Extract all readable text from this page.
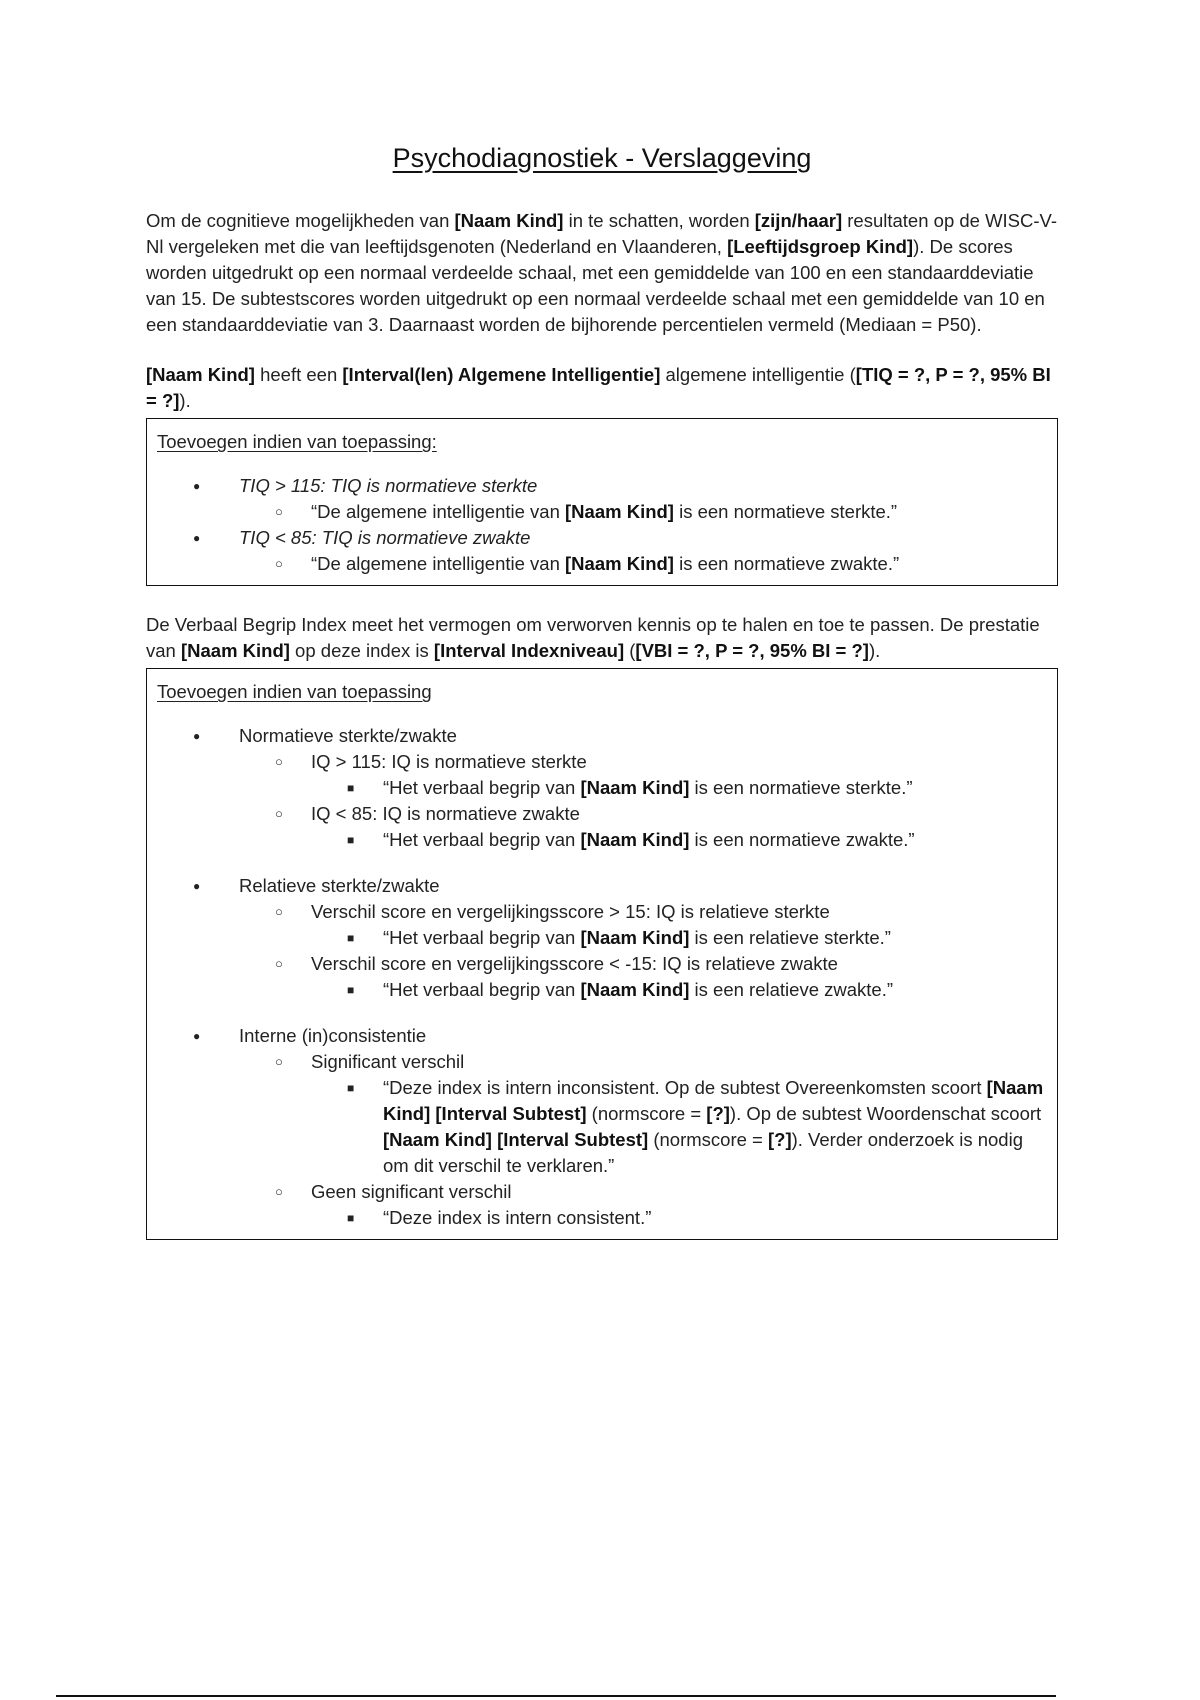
Psychodiagnostiek - Verslaggeving

Om de cognitieve mogelijkheden van [Naam Kind] in te schatten, worden [zijn/haar] resultaten op de WISC-V-Nl vergeleken met die van leeftijdsgenoten (Nederland en Vlaanderen, [Leeftijdsgroep Kind]). De scores worden uitgedrukt op een normaal verdeelde schaal, met een gemiddelde van 100 en een standaarddeviatie van 15. De subtestscores worden uitgedrukt op een normaal verdeelde schaal met een gemiddelde van 10 en een standaarddeviatie van 3. Daarnaast worden de bijhorende percentielen vermeld (Mediaan = P50).

[Naam Kind] heeft een [Interval(len) Algemene Intelligentie] algemene intelligentie ([TIQ = ?, P = ?, 95% BI = ?]).

Toevoegen indien van toepassing:
● TIQ > 115: TIQ is normatieve sterkte
○ “De algemene intelligentie van [Naam Kind] is een normatieve sterkte.”
● TIQ < 85: TIQ is normatieve zwakte
○ “De algemene intelligentie van [Naam Kind] is een normatieve zwakte.”

De Verbaal Begrip Index meet het vermogen om verworven kennis op te halen en toe te passen. De prestatie van [Naam Kind] op deze index is [Interval Indexniveau] ([VBI = ?, P = ?, 95% BI = ?]).

Toevoegen indien van toepassing
● Normatieve sterkte/zwakte
○ IQ > 115: IQ is normatieve sterkte
■ “Het verbaal begrip van [Naam Kind] is een normatieve sterkte.”
○ IQ < 85: IQ is normatieve zwakte
■ “Het verbaal begrip van [Naam Kind] is een normatieve zwakte.”
● Relatieve sterkte/zwakte
○ Verschil score en vergelijkingsscore > 15: IQ is relatieve sterkte
■ “Het verbaal begrip van [Naam Kind] is een relatieve sterkte.”
○ Verschil score en vergelijkingsscore < -15: IQ is relatieve zwakte
■ “Het verbaal begrip van [Naam Kind] is een relatieve zwakte.”
● Interne (in)consistentie
○ Significant verschil
■ “Deze index is intern inconsistent. Op de subtest Overeenkomsten scoort [Naam Kind] [Interval Subtest] (normscore = [?]). Op de subtest Woordenschat scoort [Naam Kind] [Interval Subtest] (normscore = [?]). Verder onderzoek is nodig om dit verschil te verklaren.”
○ Geen significant verschil
■ “Deze index is intern consistent.”
